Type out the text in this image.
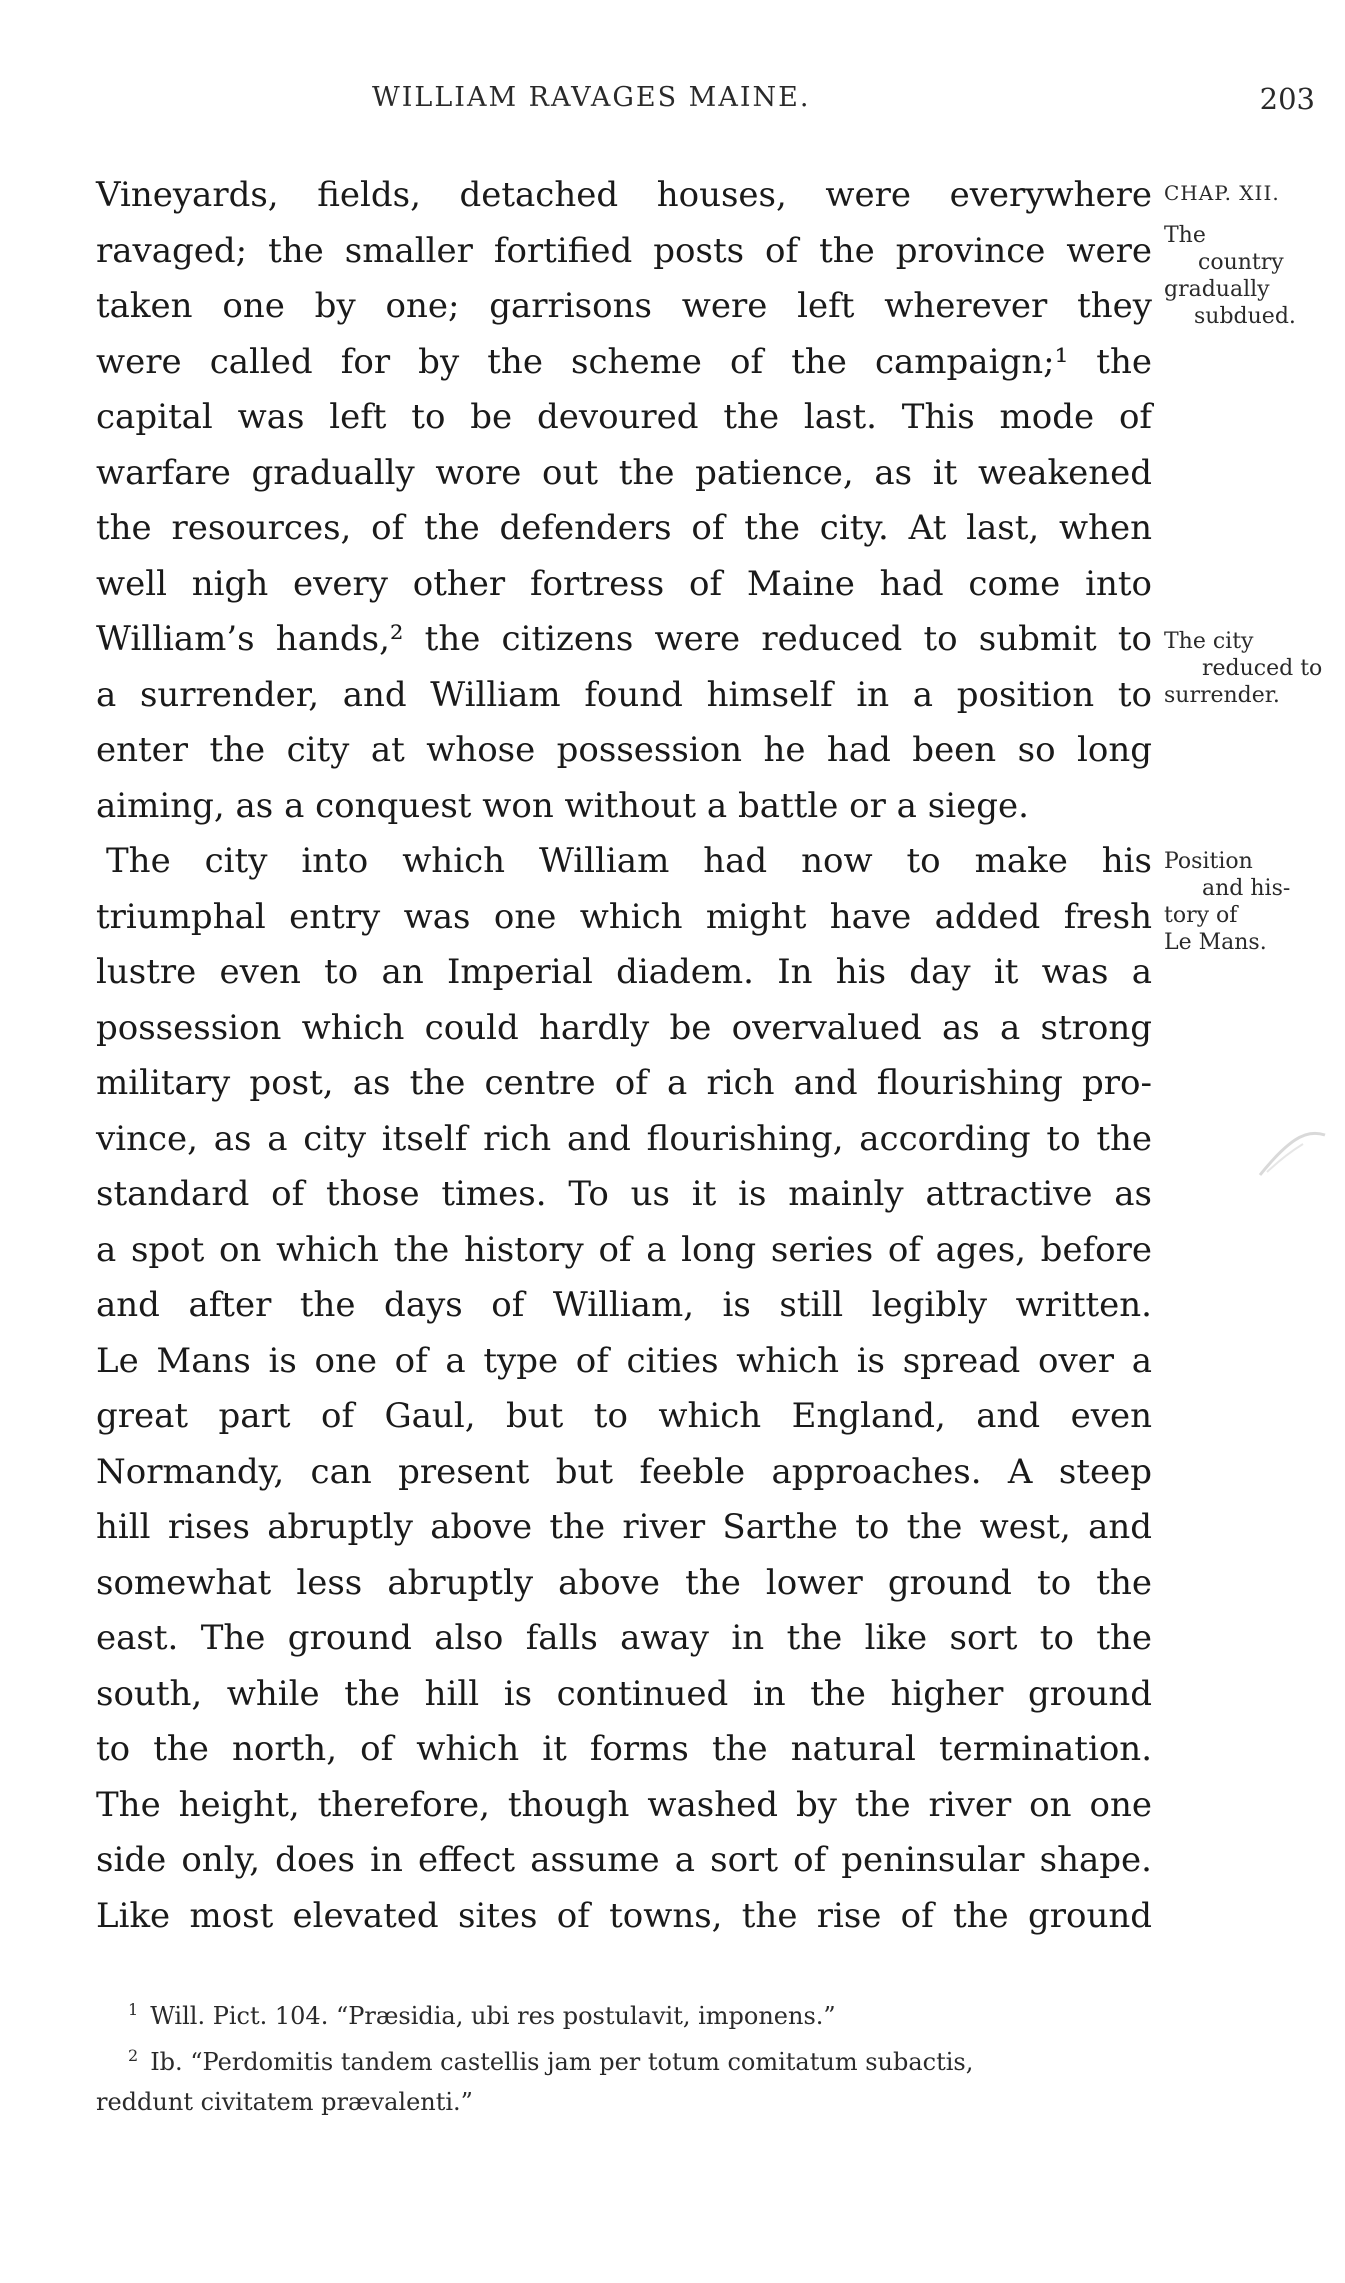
WILLIAM RAVAGES MAINE.	203
Vineyards, fields, detached houses, were everywhere
ravaged; the smaller fortified posts of the province were
taken one by one; garrisons were left wherever they
were called for by the scheme of the campaign;¹ the
capital was left to be devoured the last. This mode of
warfare gradually wore out the patience, as it weakened
the resources, of the defenders of the city. At last, when
well nigh every other fortress of Maine had come into
William’s hands,² the citizens were reduced to submit to
a surrender, and William found himself in a position to
enter the city at whose possession he had been so long
aiming, as a conquest won without a battle or a siege.
The city into which William had now to make his
triumphal entry was one which might have added fresh
lustre even to an Imperial diadem. In his day it was a
possession which could hardly be overvalued as a strong
military post, as the centre of a rich and flourishing pro-
vince, as a city itself rich and flourishing, according to the
standard of those times. To us it is mainly attractive as
a spot on which the history of a long series of ages, before
and after the days of William, is still legibly written.
Le Mans is one of a type of cities which is spread over a
great part of Gaul, but to which England, and even
Normandy, can present but feeble approaches. A steep
hill rises abruptly above the river Sarthe to the west, and
somewhat less abruptly above the lower ground to the
east. The ground also falls away in the like sort to the
south, while the hill is continued in the higher ground
to the north, of which it forms the natural termination.
The height, therefore, though washed by the river on one
side only, does in effect assume a sort of peninsular shape.
Like most elevated sites of towns, the rise of the ground
CHAP. XII.
The
country
gradually
subdued.
The city
reduced to
surrender.
Position
and his-
tory of
Le Mans.
$^1$ Will. Pict. 104. “Præsidia, ubi res postulavit, imponens.”
$^2$ Ib. “Perdomitis tandem castellis jam per totum comitatum subactis,
reddunt civitatem prævalenti.”
